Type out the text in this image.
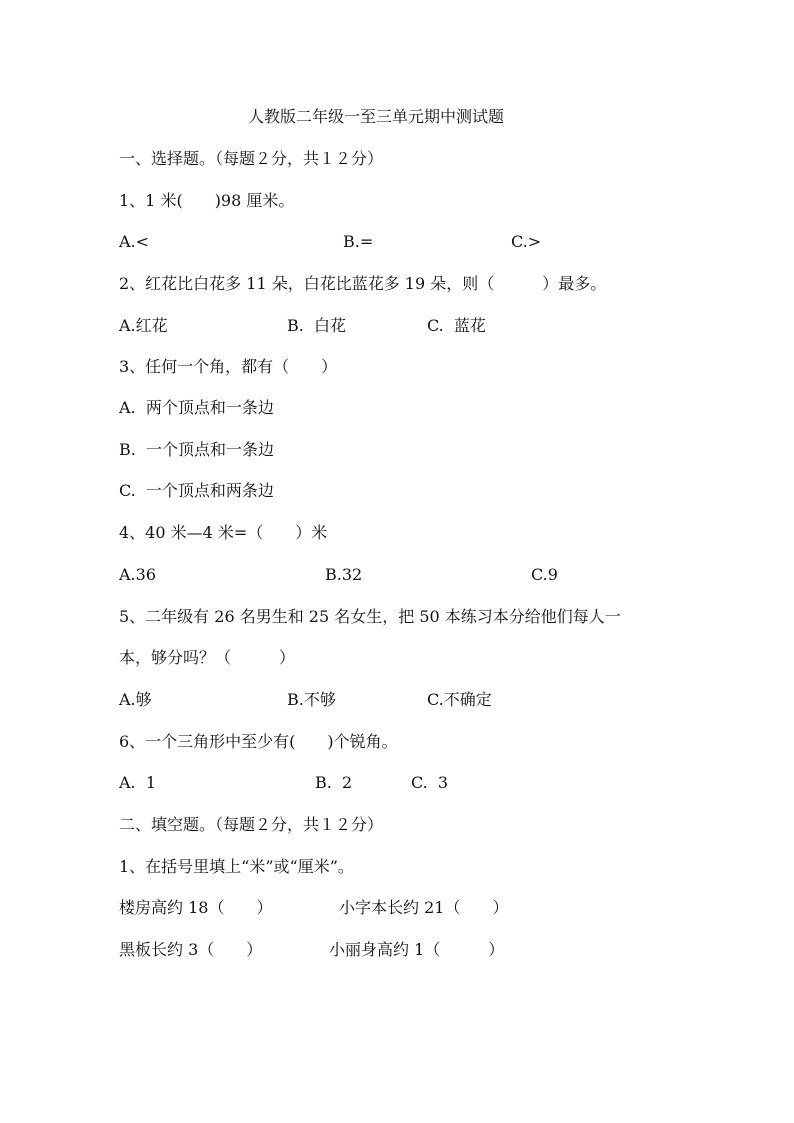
人教版二年级一至三单元期中测试题
一、选择题。（每题２分，共１２分）
1、1 米(　　)98 厘米。
A.<	B.=	C.>
2、红花比白花多 11 朵，白花比蓝花多 19 朵，则（　　　）最多。
A.红花	B.  白花	C.  蓝花
3、任何一个角，都有（　　）
A.  两个顶点和一条边
B.  一个顶点和一条边
C.  一个顶点和两条边
4、40 米—4 米=（　　）米
A.36	B.32	C.9
5、二年级有 26 名男生和 25 名女生，把 50 本练习本分给他们每人一
本，够分吗？（　　　）
A.够	B.不够	C.不确定
6、一个三角形中至少有(　　)个锐角。
A.  1	B.  2	C.  3
二、填空题。（每题２分，共１２分）
1、在括号里填上“米”或“厘米”。
楼房高约 18（　　）	小字本长约 21（　　）
黑板长约 3（　　）	小丽身高约 1（　　　）
